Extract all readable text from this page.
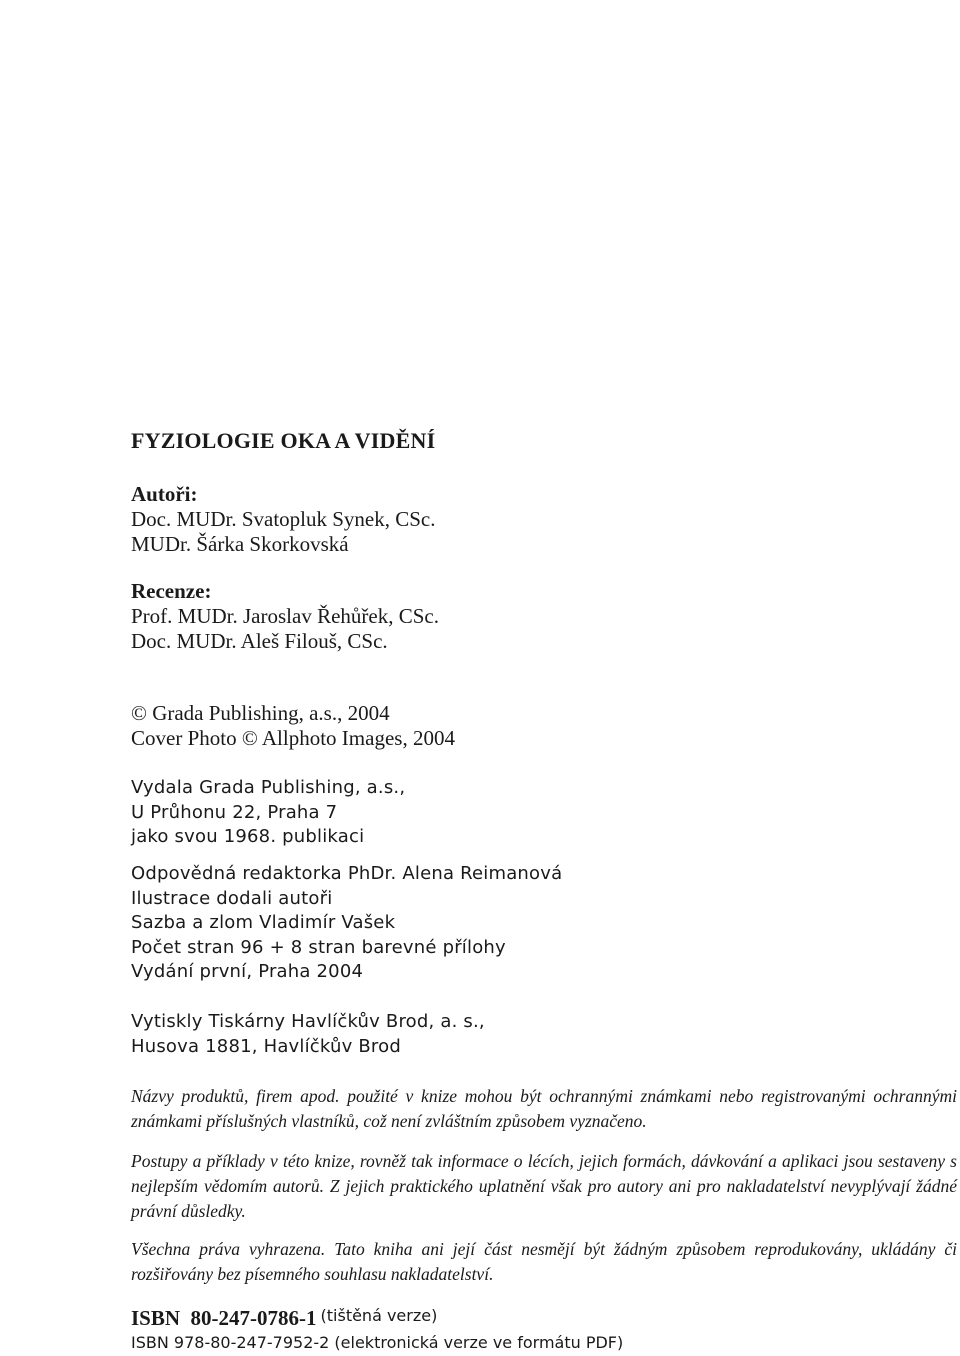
FYZIOLOGIE OKA A VIDĚNÍ
Autoři:
Doc. MUDr. Svatopluk Synek, CSc.
MUDr. Šárka Skorkovská
Recenze:
Prof. MUDr. Jaroslav Řehůřek, CSc.
Doc. MUDr. Aleš Filouš, CSc.
© Grada Publishing, a.s., 2004
Cover Photo © Allphoto Images, 2004
Vydala Grada Publishing, a.s.,
U Průhonu 22, Praha 7
jako svou 1968. publikaci
Odpovědná redaktorka PhDr. Alena Reimanová
Ilustrace dodali autoři
Sazba a zlom Vladimír Vašek
Počet stran 96 + 8 stran barevné přílohy
Vydání první, Praha 2004
Vytiskly Tiskárny Havlíčkův Brod, a. s.,
Husova 1881, Havlíčkův Brod
Názvy produktů, firem apod. použité v knize mohou být ochrannými známkami nebo registrovanými ochrannými známkami příslušných vlastníků, což není zvláštním způsobem vyznačeno.
Postupy a příklady v této knize, rovněž tak informace o lécích, jejich formách, dávkování a aplikaci jsou sestaveny s nejlepším vědomím autorů. Z jejich praktického uplatnění však pro autory ani pro nakladatelství nevyplývají žádné právní důsledky.
Všechna práva vyhrazena. Tato kniha ani její část nesmějí být žádným způsobem reprodukovány, ukládány či rozšiřovány bez písemného souhlasu nakladatelství.
ISBN  80-247-0786-1 (tištěná verze)
ISBN 978-80-247-7952-2 (elektronická verze ve formátu PDF)
